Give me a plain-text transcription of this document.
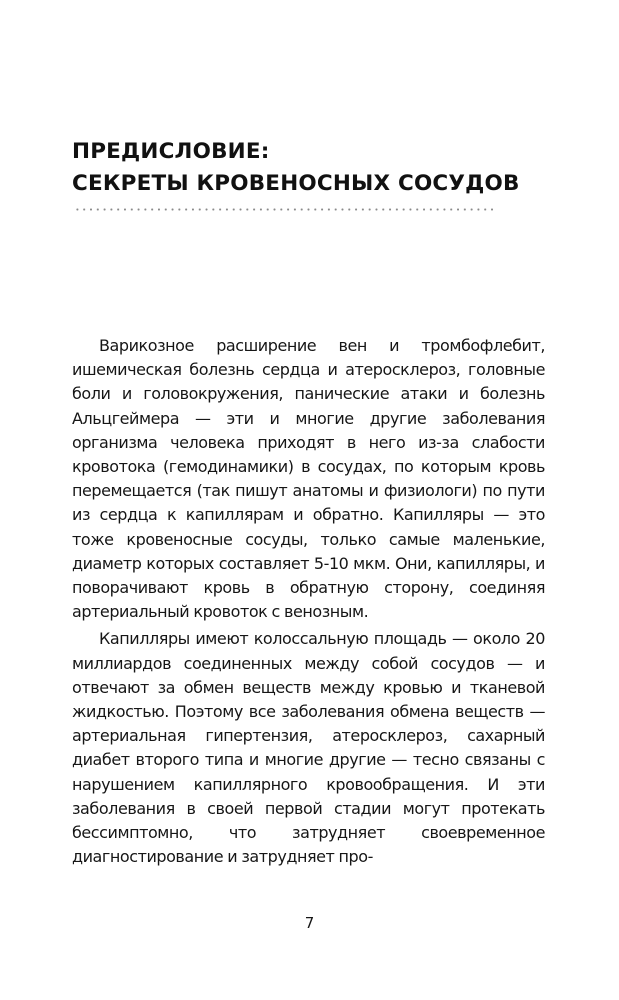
ПРЕДИСЛОВИЕ:
СЕКРЕТЫ КРОВЕНОСНЫХ СОСУДОВ

Варикозное расширение вен и тромбофлебит, ишемическая болезнь сердца и атеросклероз, головные боли и головокружения, панические атаки и болезнь Альцгеймера — эти и многие другие заболевания организма человека приходят в него из-за слабости кровотока (гемодинамики) в сосудах, по которым кровь перемещается (так пишут анатомы и физиологи) по пути из сердца к капиллярам и обратно. Капилляры — это тоже кровеносные сосуды, только самые маленькие, диаметр которых составляет 5-10 мкм. Они, капилляры, и поворачивают кровь в обратную сторону, соединяя артериальный кровоток с венозным.

Капилляры имеют колоссальную площадь — около 20 миллиардов соединенных между собой сосудов — и отвечают за обмен веществ между кровью и тканевой жидкостью. Поэтому все заболевания обмена веществ — артериальная гипертензия, атеросклероз, сахарный диабет второго типа и многие другие — тесно связаны с нарушением капиллярного кровообращения. И эти заболевания в своей первой стадии могут протекать бессимптомно, что затрудняет своевременное диагностирование и затрудняет про-

7
